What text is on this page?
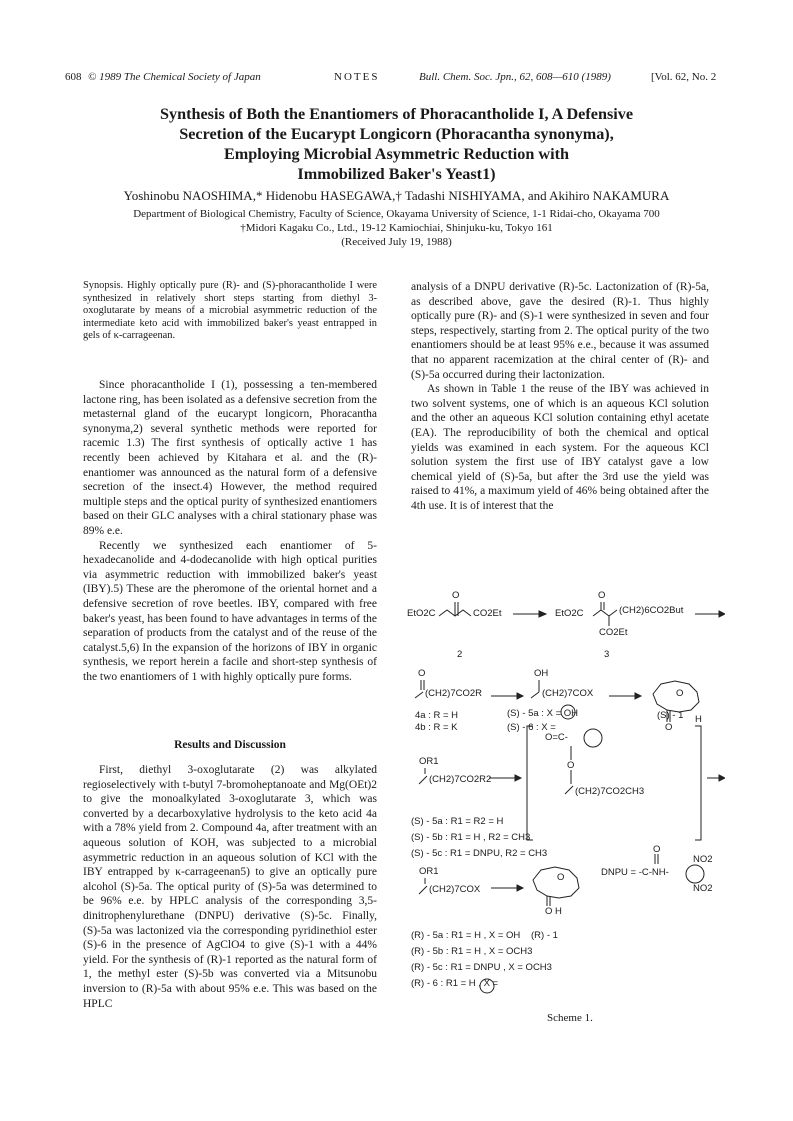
608 © 1989 The Chemical Society of Japan	NOTES	Bull. Chem. Soc. Jpn., 62, 608—610 (1989)	[Vol. 62, No. 2

Synthesis of Both the Enantiomers of Phoracantholide I, A Defensive

Secretion of the Eucarypt Longicorn (Phoracantha synonyma),

Employing Microbial Asymmetric Reduction with

Immobilized Baker's Yeast1)

Yoshinobu NAOSHIMA,* Hidenobu HASEGAWA,† Tadashi NISHIYAMA, and Akihiro NAKAMURA

Department of Biological Chemistry, Faculty of Science, Okayama University of Science, 1-1 Ridai-cho, Okayama 700

†Midori Kagaku Co., Ltd., 19-12 Kamiochiai, Shinjuku-ku, Tokyo 161

(Received July 19, 1988)

Synopsis. Highly optically pure (R)- and (S)-phoracantholide I were synthesized in relatively short steps starting from diethyl 3-oxoglutarate by means of a microbial asymmetric reduction of the intermediate keto acid with immobilized baker's yeast entrapped in gels of κ-carrageenan.

Since phoracantholide I (1), possessing a ten-membered lactone ring, has been isolated as a defensive secretion from the metasternal gland of the eucarypt longicorn, Phoracantha synonyma,2) several synthetic methods were reported for racemic 1.3) The first synthesis of optically active 1 has recently been achieved by Kitahara et al. and the (R)-enantiomer was announced as the natural form of a defensive secretion of the insect.4) However, the method required multiple steps and the optical purity of synthesized enantiomers based on their GLC analyses with a chiral stationary phase was 89% e.e.

Recently we synthesized each enantiomer of 5-hexadecanolide and 4-dodecanolide with high optical purities via asymmetric reduction with immobilized baker's yeast (IBY).5) These are the pheromone of the oriental hornet and a defensive secretion of rove beetles. IBY, compared with free baker's yeast, has been found to have advantages in terms of the separation of products from the catalyst and of the reuse of the catalyst.5,6) In the expansion of the horizons of IBY in organic synthesis, we report herein a facile and short-step synthesis of the two enantiomers of 1 with highly optically pure forms.

Results and Discussion

First, diethyl 3-oxoglutarate (2) was alkylated regioselectively with t-butyl 7-bromoheptanoate and Mg(OEt)2 to give the monoalkylated 3-oxoglutarate 3, which was converted by a decarboxylative hydrolysis to the keto acid 4a with a 78% yield from 2. Compound 4a, after treatment with an aqueous solution of KOH, was subjected to a microbial asymmetric reduction in an aqueous solution of KCl with the IBY entrapped by κ-carrageenan5) to give an optically pure alcohol (S)-5a. The optical purity of (S)-5a was determined to be 96% e.e. by HPLC analysis of the corresponding 3,5-dinitrophenylurethane (DNPU) derivative (S)-5c. Finally, (S)-5a was lactonized via the corresponding pyridinethiol ester (S)-6 in the presence of AgClO4 to give (S)-1 with a 44% yield. For the synthesis of (R)-1 reported as the natural form of 1, the methyl ester (S)-5b was converted via a Mitsunobu inversion to (R)-5a with about 95% e.e. This was based on the HPLC

analysis of a DNPU derivative (R)-5c. Lactonization of (R)-5a, as described above, gave the desired (R)-1. Thus highly optically pure (R)- and (S)-1 were synthesized in seven and four steps, respectively, starting from 2. The optical purity of the two enantiomers should be at least 95% e.e., because it was assumed that no apparent racemization at the chiral center of (R)- and (S)-5a occurred during their lactonization.

As shown in Table 1 the reuse of the IBY was achieved in two solvent systems, one of which is an aqueous KCl solution and the other an aqueous KCl solution containing ethyl acetate (EA). The reproducibility of both the chemical and optical yields was examined in each system. For the aqueous KCl solution system the first use of IBY catalyst gave a low chemical yield of (S)-5a, but after the 3rd use the yield was raised to 41%, a maximum yield of 46% being obtained after the 4th use. It is of interest that the

EtO2C
O
CO2Et	EtO2C
O
(CH2)6CO2But
CO2Et
2	3
O
(CH2)7CO2R
OH
(CH2)7COX	O
O
H
4a : R = H
4b : R = K
(S) - 5a : X = OH
(S) - 6 : X =
(S) - 1
OR1
(CH2)7CO2R2
O=C-
O
(CH2)7CO2CH3
(S) - 5a : R1 = R2 = H
(S) - 5b : R1 = H , R2 = CH3
(S) - 5c : R1 = DNPU, R2 = CH3
OR1
(CH2)7COX
O
O H
O
DNPU = -C-NH-
NO2
NO2
(R) - 5a : R1 = H , X = OH (R) - 1
(R) - 5b : R1 = H , X = OCH3
(R) - 5c : R1 = DNPU , X = OCH3
(R) - 6 : R1 = H , X =
Scheme 1.
